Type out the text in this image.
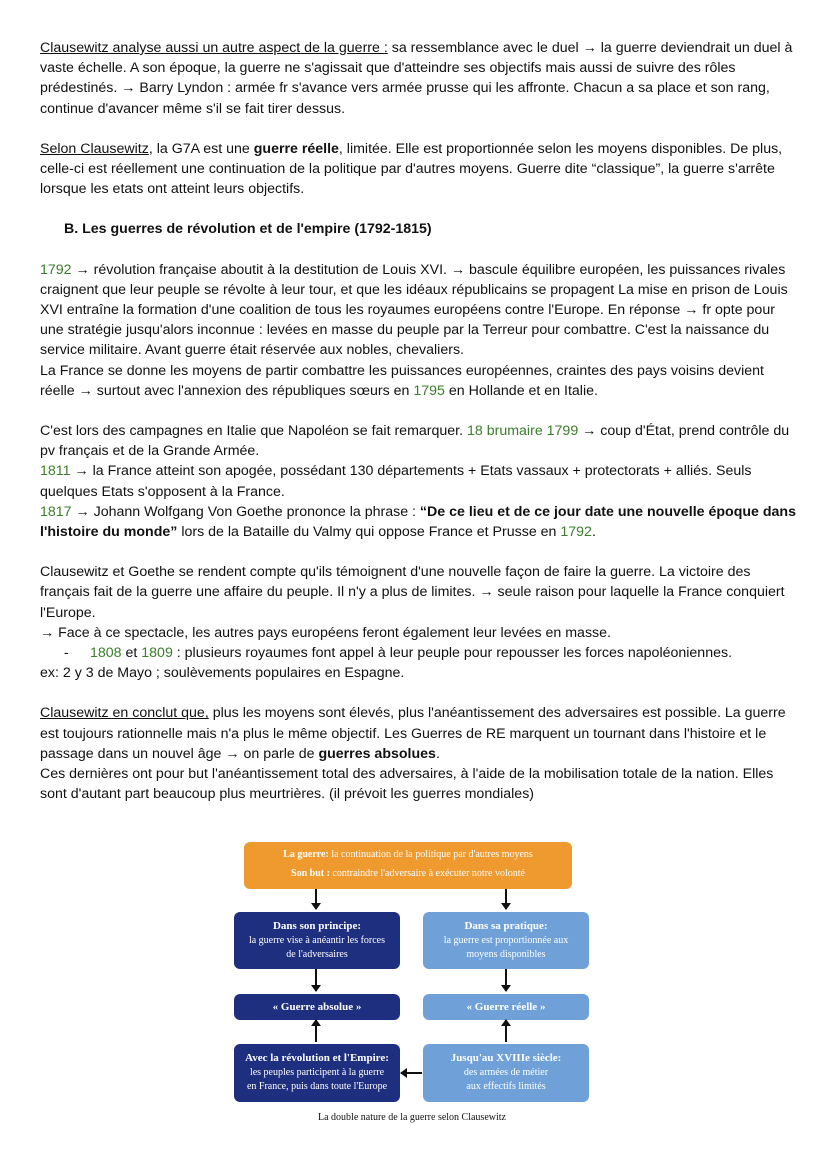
Clausewitz analyse aussi un autre aspect de la guerre : sa ressemblance avec le duel → la guerre deviendrait un duel à vaste échelle. A son époque, la guerre ne s'agissait que d'atteindre ses objectifs mais aussi de suivre des rôles prédestinés. → Barry Lyndon : armée fr s'avance vers armée prusse qui les affronte. Chacun a sa place et son rang, continue d'avancer même s'il se fait tirer dessus.

Selon Clausewitz, la G7A est une guerre réelle, limitée. Elle est proportionnée selon les moyens disponibles. De plus, celle-ci est réellement une continuation de la politique par d'autres moyens. Guerre dite “classique”, la guerre s'arrête lorsque les etats ont atteint leurs objectifs.

B. Les guerres de révolution et de l'empire (1792-1815)

1792 → révolution française aboutit à la destitution de Louis XVI. → bascule équilibre européen, les puissances rivales craignent que leur peuple se révolte à leur tour, et que les idéaux républicains se propagent La mise en prison de Louis XVI entraîne la formation d'une coalition de tous les royaumes européens contre l'Europe. En réponse → fr opte pour une stratégie jusqu'alors inconnue : levées en masse du peuple par la Terreur pour combattre. C'est la naissance du service militaire. Avant guerre était réservée aux nobles, chevaliers.

La France se donne les moyens de partir combattre les puissances européennes, craintes des pays voisins devient réelle → surtout avec l'annexion des républiques sœurs en 1795 en Hollande et en Italie.

C'est lors des campagnes en Italie que Napoléon se fait remarquer. 18 brumaire 1799 → coup d'État, prend contrôle du pv français et de la Grande Armée.

1811 → la France atteint son apogée, possédant 130 départements + Etats vassaux + protectorats + alliés. Seuls quelques Etats s'opposent à la France.

1817 → Johann Wolfgang Von Goethe prononce la phrase : “De ce lieu et de ce jour date une nouvelle époque dans l'histoire du monde” lors de la Bataille du Valmy qui oppose France et Prusse en 1792.

Clausewitz et Goethe se rendent compte qu'ils témoignent d'une nouvelle façon de faire la guerre. La victoire des français fait de la guerre une affaire du peuple. Il n'y a plus de limites. → seule raison pour laquelle la France conquiert l'Europe.

→ Face à ce spectacle, les autres pays européens feront également leur levées en masse.

- 1808 et 1809 : plusieurs royaumes font appel à leur peuple pour repousser les forces napoléoniennes.

ex: 2 y 3 de Mayo ; soulèvements populaires en Espagne.

Clausewitz en conclut que, plus les moyens sont élevés, plus l'anéantissement des adversaires est possible. La guerre est toujours rationnelle mais n'a plus le même objectif. Les Guerres de RE marquent un tournant dans l'histoire et le passage dans un nouvel âge → on parle de guerres absolues.

Ces dernières ont pour but l'anéantissement total des adversaires, à l'aide de la mobilisation totale de la nation. Elles sont d'autant part beaucoup plus meurtrières. (il prévoit les guerres mondiales)

La guerre: la continuation de la politique par d'autres moyens
Son but : contraindre l'adversaire à exécuter notre volonté
Dans son principe:
la guerre vise à anéantir les forces
de l'adversaires
Dans sa pratique:
la guerre est proportionnée aux
moyens disponibles
« Guerre absolue »	« Guerre réelle »
Avec la révolution et l'Empire:
les peuples participent à la guerre
en France, puis dans toute l'Europe
Jusqu'au XVIIIe siècle:
des armées de métier
aux effectifs limités
La double nature de la guerre selon Clausewitz
